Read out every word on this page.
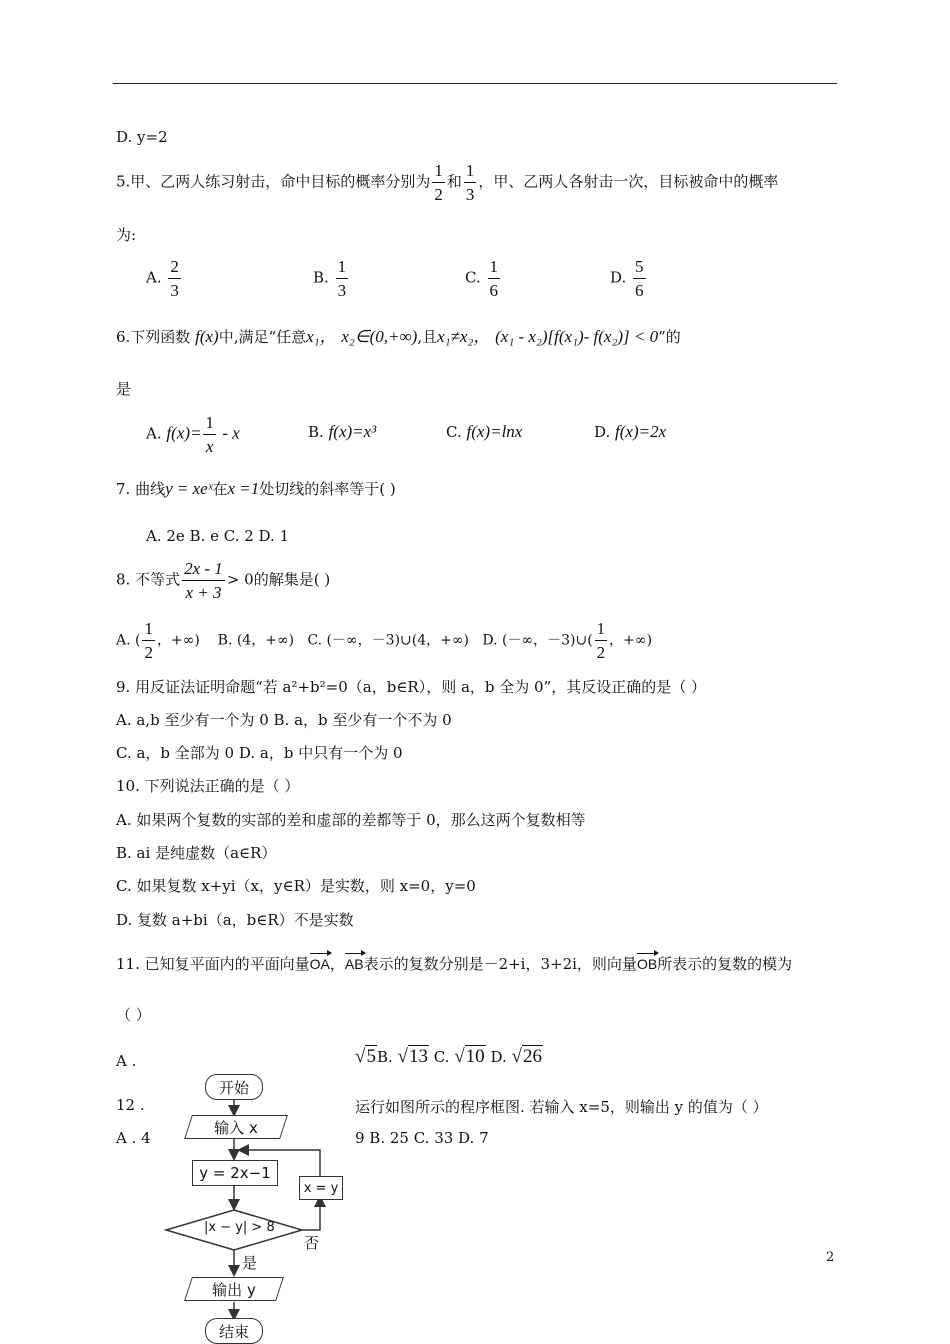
D. y=2
5.甲、乙两人练习射击，命中目标的概率分别为 $\frac{1}{2}$ 和 $\frac{1}{3}$ ，甲、乙两人各射击一次，目标被命中的概率
为:
A. $\frac{2}{3}$	B. $\frac{1}{3}$	C. $\frac{1}{6}$	D. $\frac{5}{6}$
6.下列函数 f(x)中,满足“任意x₁， x₂∈(0,+∞),且x₁≠x₂， (x₁ - x₂)[f(x₁)- f(x₂)] < 0”的
是
A. $f(x)= \frac{1}{x} - x$	B. f(x)=x³	C. f(x)=lnx	D. f(x)=2x
7. 曲线y = xeˣ在x =1处切线的斜率等于( )
A. 2e B. e C. 2 D. 1
8. 不等式 $\frac{2x - 1}{x + 3} > 0$的解集是( )
A. ( $\frac{1}{2}$ ，+∞) B. (4，+∞) C. (－∞，－3)∪(4，+∞) D. (－∞，－3)∪( $\frac{1}{2}$ ，+∞)
9. 用反证法证明命题“若 a²+b²=0（a，b∈R），则 a，b 全为 0”，其反设正确的是（ ）
A. a,b 至少有一个为 0 B. a，b 至少有一个不为 0
C. a，b 全部为 0 D. a，b 中只有一个为 0
10. 下列说法正确的是（ ）
A. 如果两个复数的实部的差和虚部的差都等于 0，那么这两个复数相等
B. ai 是纯虚数（a∈R）
C. 如果复数 x+yi（x，y∈R）是实数，则 x=0，y=0
D. 复数 a+bi（a，b∈R）不是实数
11. 已知复平面内的平面向量OA，AB表示的复数分别是－2+i，3+2i，则向量OB所表示的复数的模为
（ ）
A .	√5B. √13 C. √10 D. √26
12 .	运行如图所示的程序框图. 若输入 x=5，则输出 y 的值为（ ）
A . 4	9 B. 25 C. 33 D. 7
开始
输入 x
y = 2x−1
|x − y| > 8
x = y
否
是
输出 y
结束
2
